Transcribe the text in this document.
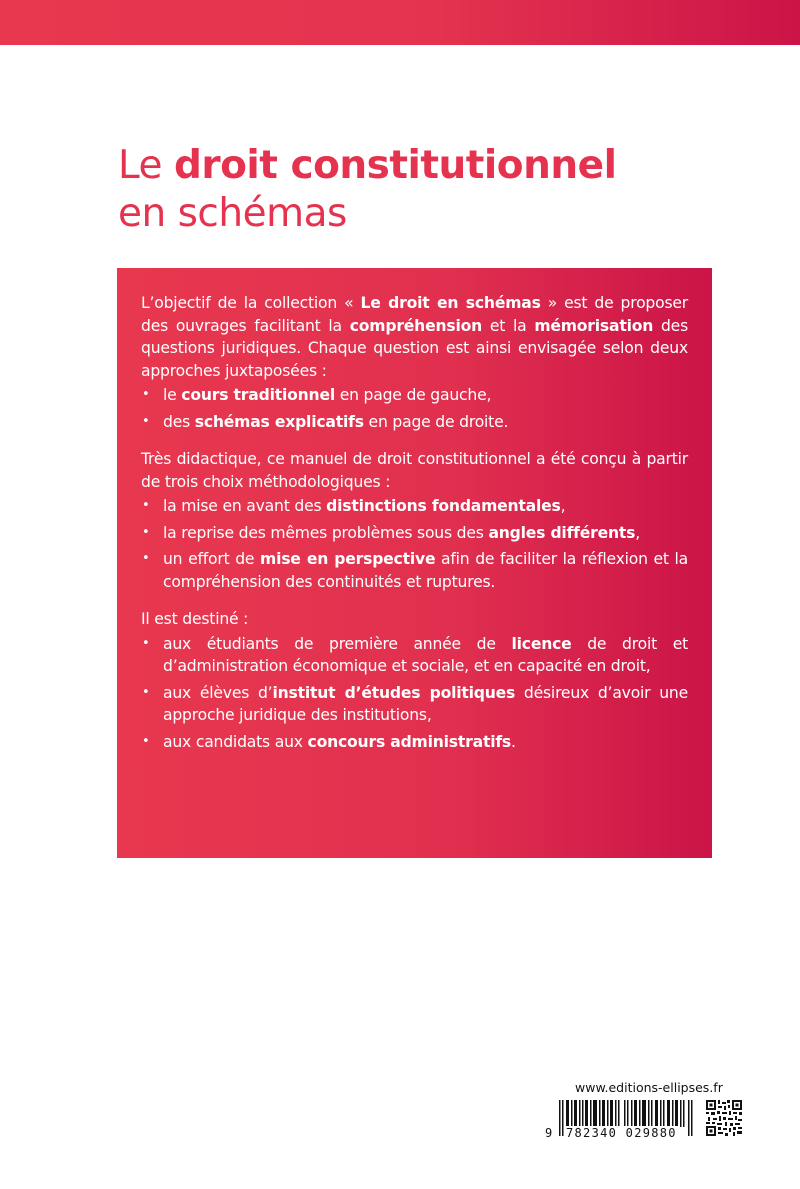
Le droit constitutionnel
en schémas

L’objectif de la collection « Le droit en schémas » est de proposer des ouvrages facilitant la compréhension et la mémorisation des questions juridiques. Chaque question est ainsi envisagée selon deux approches juxtaposées :

• le cours traditionnel en page de gauche,
• des schémas explicatifs en page de droite.

Très didactique, ce manuel de droit constitutionnel a été conçu à partir de trois choix méthodologiques :

• la mise en avant des distinctions fondamentales,
• la reprise des mêmes problèmes sous des angles différents,
• un effort de mise en perspective afin de faciliter la réflexion et la compréhension des continuités et ruptures.

Il est destiné :

• aux étudiants de première année de licence de droit et d’administration économique et sociale, et en capacité en droit,
• aux élèves d’institut d’études politiques désireux d’avoir une approche juridique des institutions,
• aux candidats aux concours administratifs.
www.editions-ellipses.fr
9 782340 029880
